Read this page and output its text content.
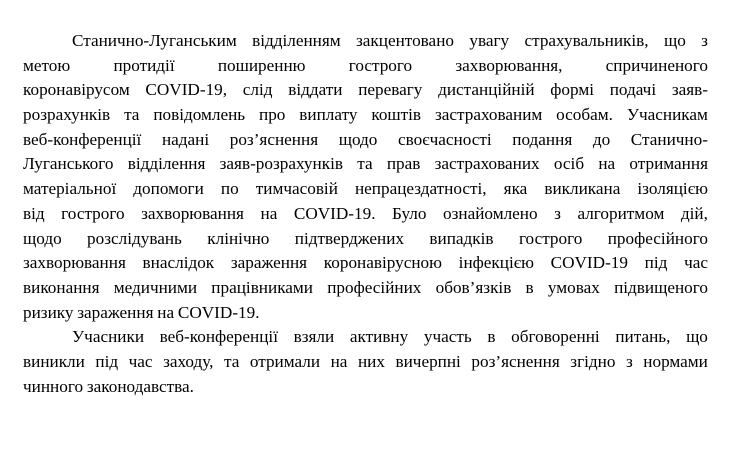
Станично-Луганським відділенням закцентовано увагу страхувальників, що з
метою	протидії	поширенню	гострого	захворювання,	спричиненого
коронавірусом COVID-19, слід віддати перевагу дистанційній формі подачі заяв-
розрахунків та повідомлень про виплату коштів застрахованим особам. Учасникам
веб-конференції надані роз’яснення щодо своєчасності подання до Станично-
Луганського відділення заяв-розрахунків та прав застрахованих осіб на отримання
матеріальної допомоги по тимчасовій непрацездатності, яка викликана ізоляцією
від гострого захворювання на COVID-19. Було ознайомлено з алгоритмом дій,
щодо розслідувань клінічно підтверджених випадків гострого професійного
захворювання внаслідок зараження коронавірусною інфекцією COVID-19 під час
виконання медичними працівниками професійних обов’язків в умовах підвищеного
ризику зараження на COVID-19.
Учасники веб-конференції взяли активну участь в обговоренні питань, що
виникли під час заходу, та отримали на них вичерпні роз’яснення згідно з нормами
чинного законодавства.
